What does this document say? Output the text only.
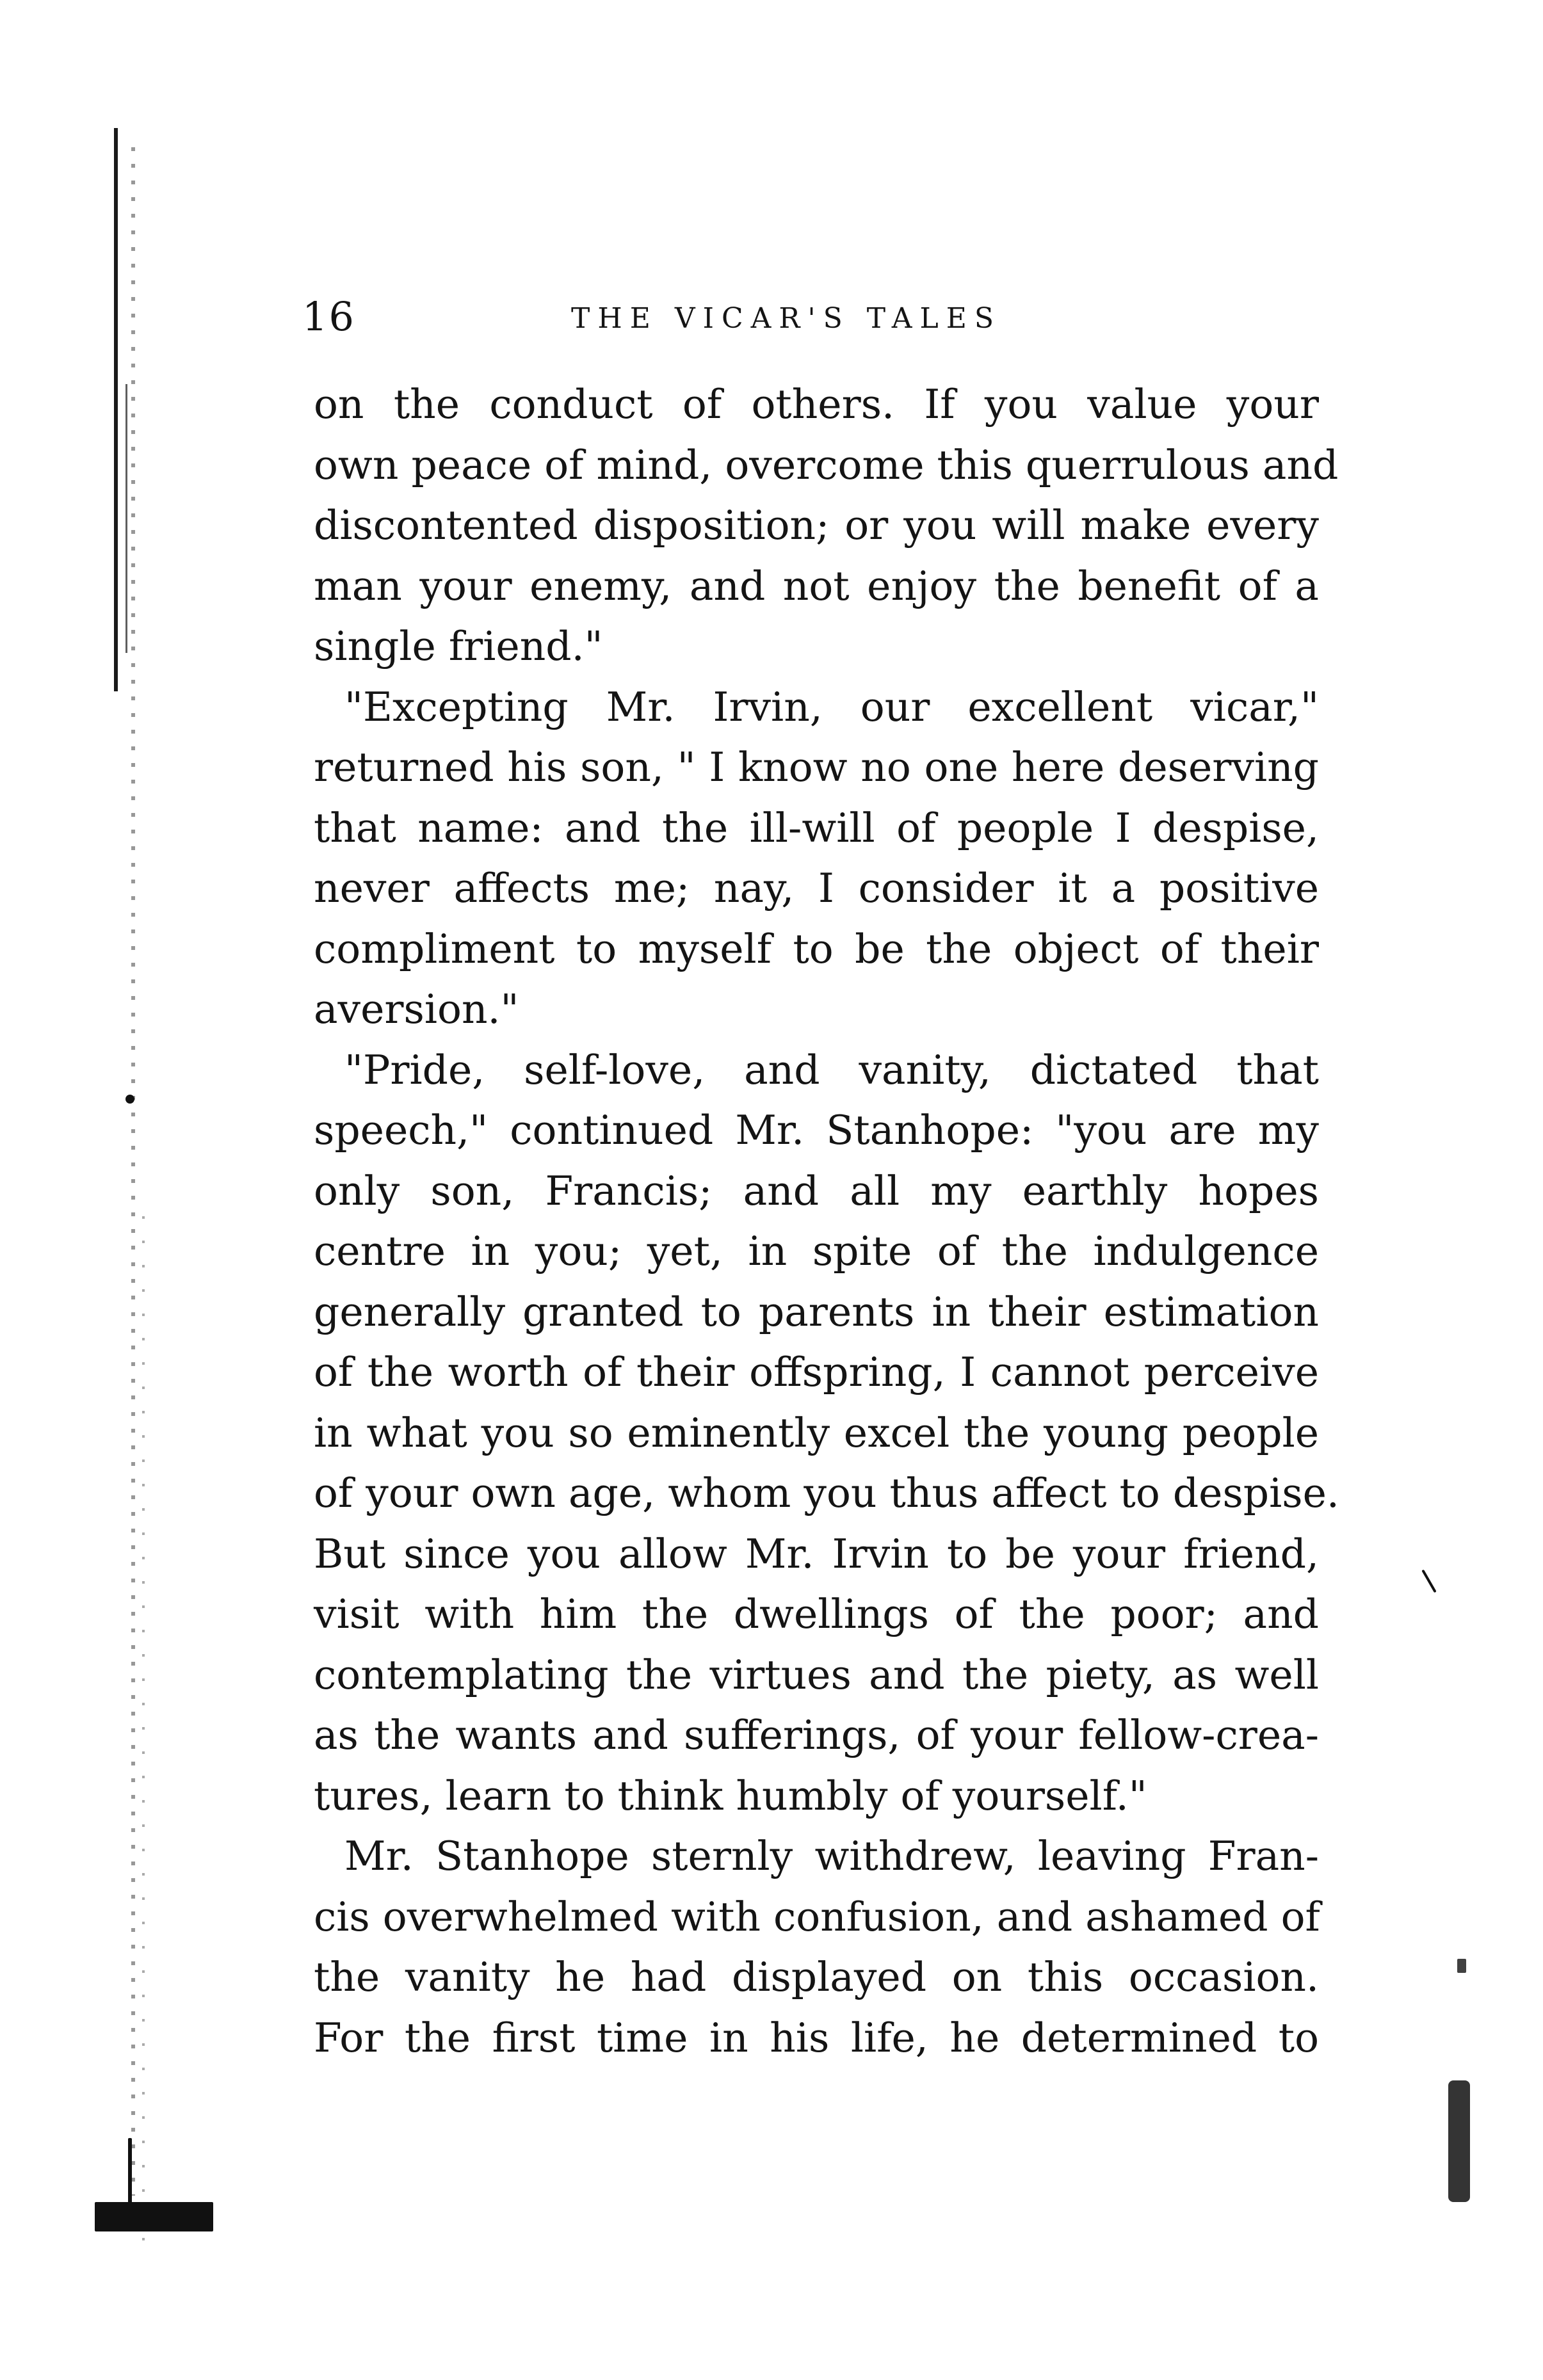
16	THE VICAR'S TALES
on the conduct of others. If you value your
own peace of mind, overcome this querrulous and
discontented disposition; or you will make every
man your enemy, and not enjoy the benefit of a
single friend."
"Excepting Mr. Irvin, our excellent vicar,"
returned his son, " I know no one here deserving
that name: and the ill-will of people I despise,
never affects me; nay, I consider it a positive
compliment to myself to be the object of their
aversion."
"Pride, self-love, and vanity, dictated that
speech," continued Mr. Stanhope: "you are my
only son, Francis; and all my earthly hopes
centre in you; yet, in spite of the indulgence
generally granted to parents in their estimation
of the worth of their offspring, I cannot perceive
in what you so eminently excel the young people
of your own age, whom you thus affect to despise.
But since you allow Mr. Irvin to be your friend,
visit with him the dwellings of the poor; and
contemplating the virtues and the piety, as well
as the wants and sufferings, of your fellow-crea-
tures, learn to think humbly of yourself."
Mr. Stanhope sternly withdrew, leaving Fran-
cis overwhelmed with confusion, and ashamed of
the vanity he had displayed on this occasion.
For the first time in his life, he determined to
